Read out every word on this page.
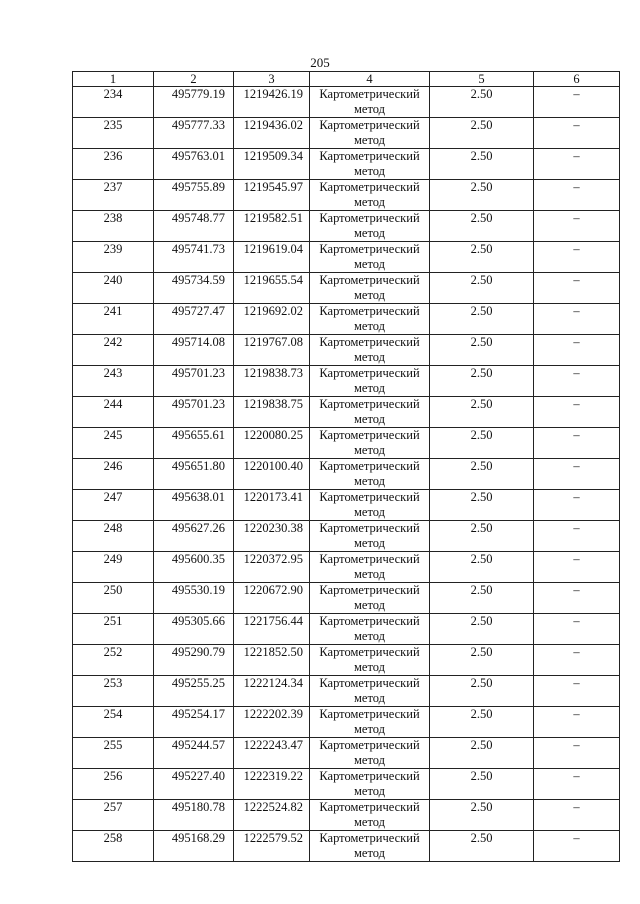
205
1	2	3	4	5	6
234	495779.19	1219426.19	Картометрический метод	2.50	–
235	495777.33	1219436.02	Картометрический метод	2.50	–
236	495763.01	1219509.34	Картометрический метод	2.50	–
237	495755.89	1219545.97	Картометрический метод	2.50	–
238	495748.77	1219582.51	Картометрический метод	2.50	–
239	495741.73	1219619.04	Картометрический метод	2.50	–
240	495734.59	1219655.54	Картометрический метод	2.50	–
241	495727.47	1219692.02	Картометрический метод	2.50	–
242	495714.08	1219767.08	Картометрический метод	2.50	–
243	495701.23	1219838.73	Картометрический метод	2.50	–
244	495701.23	1219838.75	Картометрический метод	2.50	–
245	495655.61	1220080.25	Картометрический метод	2.50	–
246	495651.80	1220100.40	Картометрический метод	2.50	–
247	495638.01	1220173.41	Картометрический метод	2.50	–
248	495627.26	1220230.38	Картометрический метод	2.50	–
249	495600.35	1220372.95	Картометрический метод	2.50	–
250	495530.19	1220672.90	Картометрический метод	2.50	–
251	495305.66	1221756.44	Картометрический метод	2.50	–
252	495290.79	1221852.50	Картометрический метод	2.50	–
253	495255.25	1222124.34	Картометрический метод	2.50	–
254	495254.17	1222202.39	Картометрический метод	2.50	–
255	495244.57	1222243.47	Картометрический метод	2.50	–
256	495227.40	1222319.22	Картометрический метод	2.50	–
257	495180.78	1222524.82	Картометрический метод	2.50	–
258	495168.29	1222579.52	Картометрический метод	2.50	–
